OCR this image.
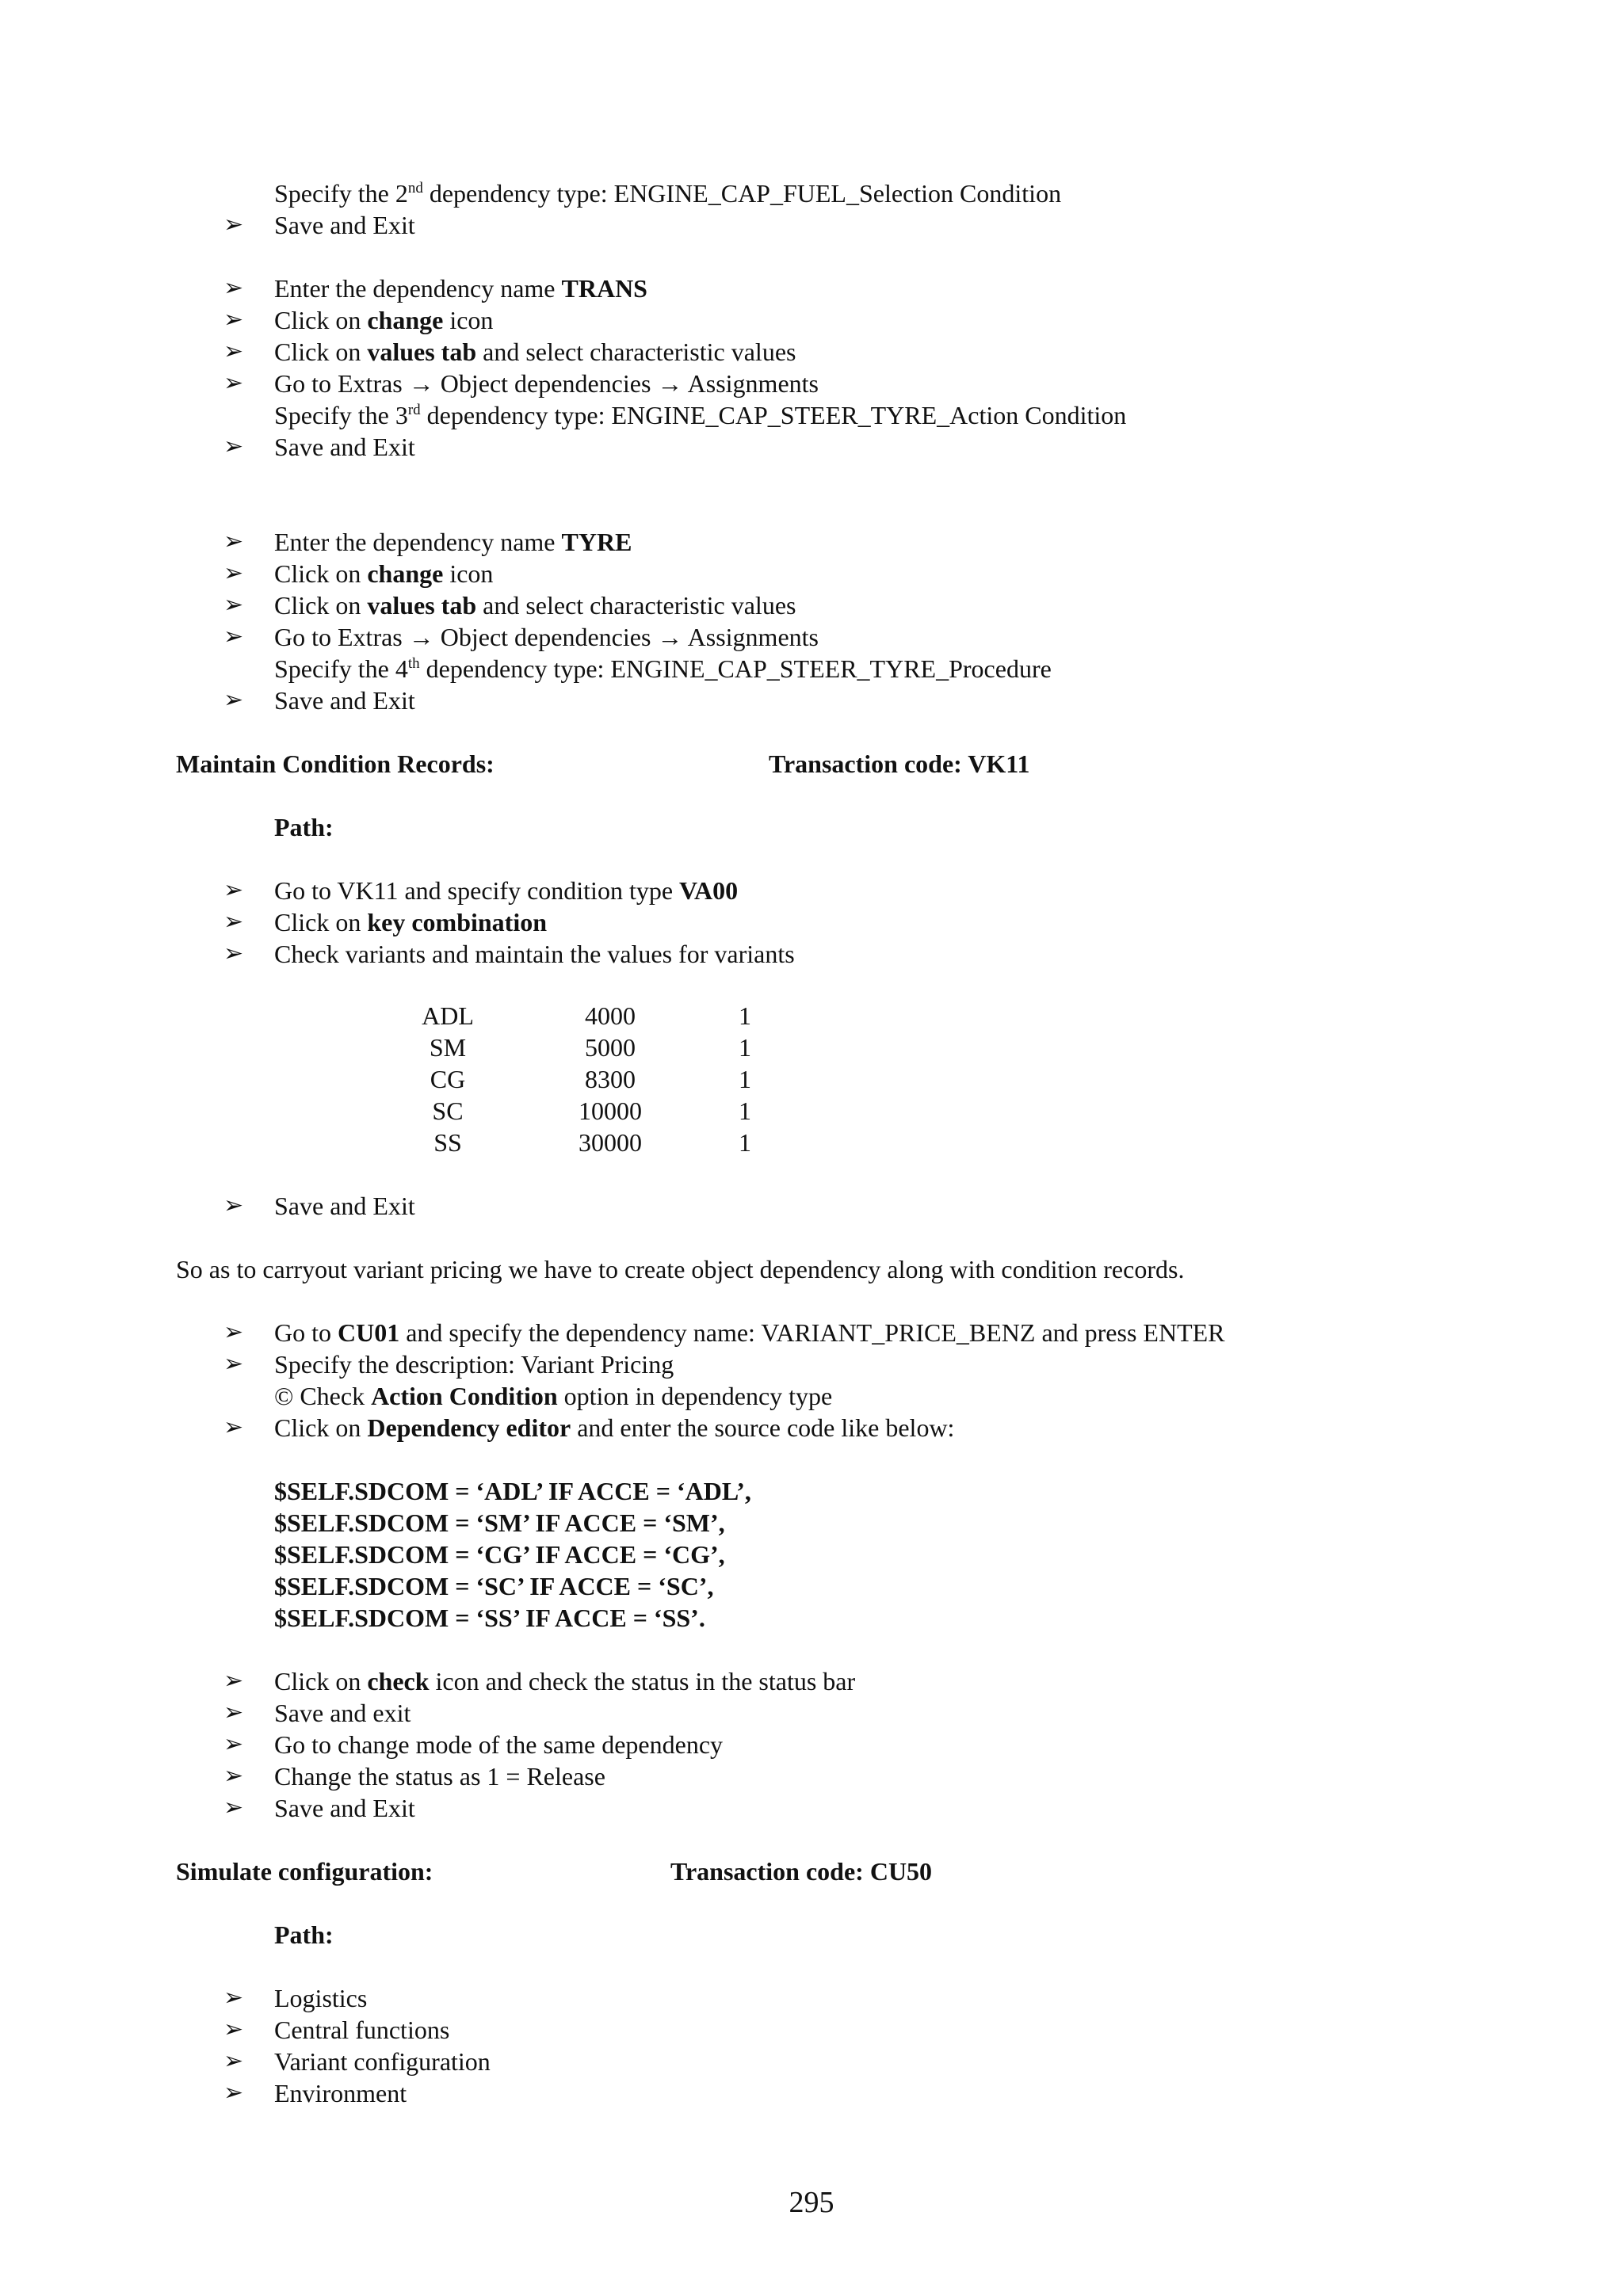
Specify the 2nd dependency type: ENGINE_CAP_FUEL_Selection Condition
➢ Save and Exit
➢ Enter the dependency name TRANS
➢ Click on change icon
➢ Click on values tab and select characteristic values
➢ Go to Extras → Object dependencies → Assignments
Specify the 3rd dependency type: ENGINE_CAP_STEER_TYRE_Action Condition
➢ Save and Exit
➢ Enter the dependency name TYRE
➢ Click on change icon
➢ Click on values tab and select characteristic values
➢ Go to Extras → Object dependencies → Assignments
Specify the 4th dependency type: ENGINE_CAP_STEER_TYRE_Procedure
➢ Save and Exit
Maintain Condition Records:	Transaction code: VK11
Path:
➢ Go to VK11 and specify condition type VA00
➢ Click on key combination
➢ Check variants and maintain the values for variants
ADL	4000	1
SM	5000	1
CG	8300	1
SC	10000	1
SS	30000	1
➢ Save and Exit
So as to carryout variant pricing we have to create object dependency along with condition records.
➢ Go to CU01 and specify the dependency name: VARIANT_PRICE_BENZ and press ENTER
➢ Specify the description: Variant Pricing
© Check Action Condition option in dependency type
➢ Click on Dependency editor and enter the source code like below:
$SELF.SDCOM = ‘ADL’ IF ACCE = ‘ADL’,
$SELF.SDCOM = ‘SM’ IF ACCE = ‘SM’,
$SELF.SDCOM = ‘CG’ IF ACCE = ‘CG’,
$SELF.SDCOM = ‘SC’ IF ACCE = ‘SC’,
$SELF.SDCOM = ‘SS’ IF ACCE = ‘SS’.
➢ Click on check icon and check the status in the status bar
➢ Save and exit
➢ Go to change mode of the same dependency
➢ Change the status as 1 = Release
➢ Save and Exit
Simulate configuration:	Transaction code: CU50
Path:
➢ Logistics
➢ Central functions
➢ Variant configuration
➢ Environment
295
